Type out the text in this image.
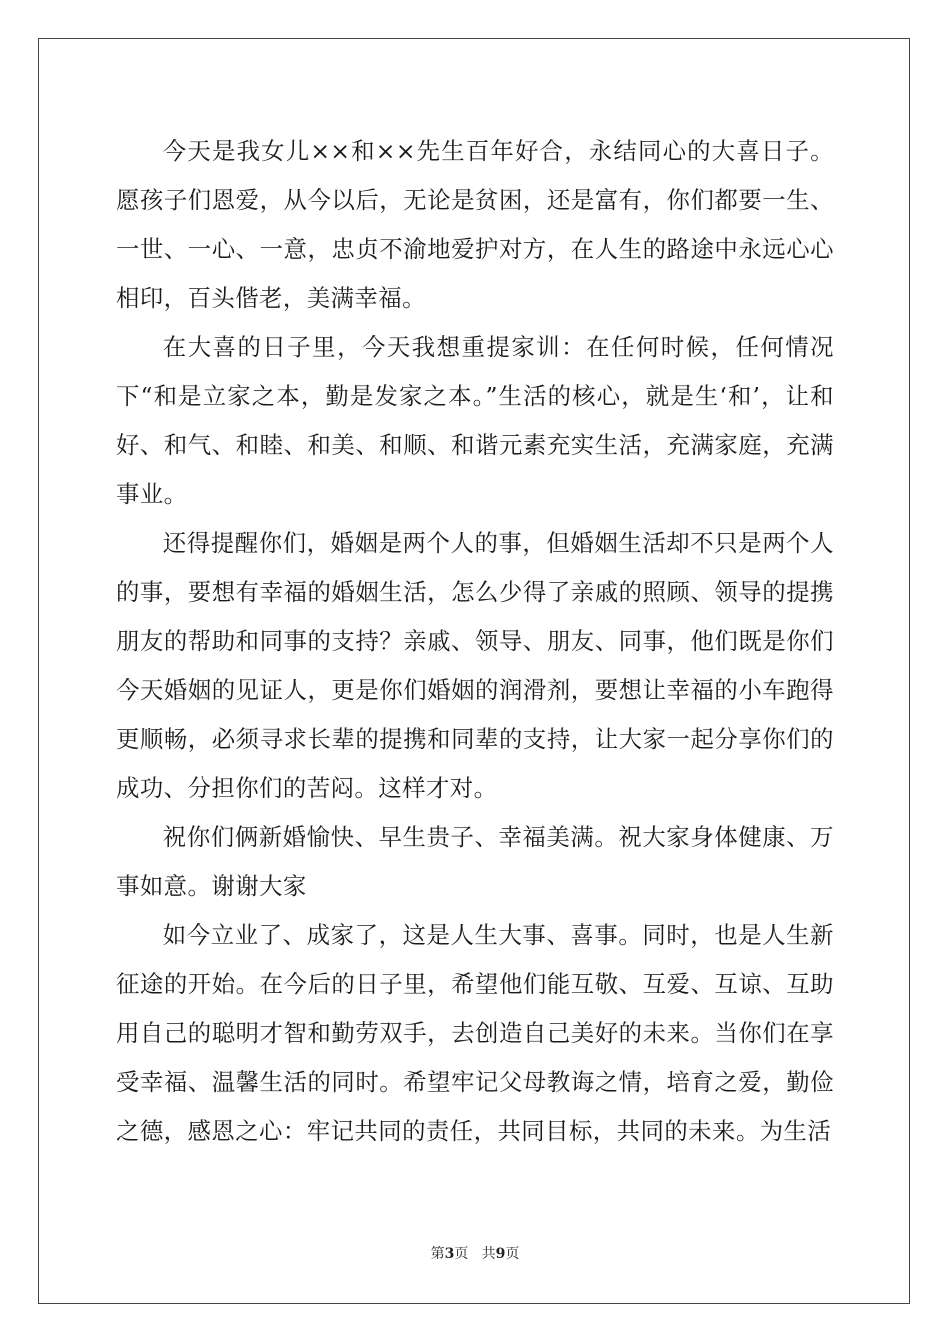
今天是我女儿××和××先生百年好合，永结同心的大喜日子。愿孩子们恩爱，从今以后，无论是贫困，还是富有，你们都要一生、一世、一心、一意，忠贞不渝地爱护对方，在人生的路途中永远心心相印，百头偕老，美满幸福。

在大喜的日子里，今天我想重提家训：在任何时候，任何情况下“和是立家之本，勤是发家之本。”生活的核心，就是生‘和’，让和好、和气、和睦、和美、和顺、和谐元素充实生活，充满家庭，充满事业。

还得提醒你们，婚姻是两个人的事，但婚姻生活却不只是两个人的事，要想有幸福的婚姻生活，怎么少得了亲戚的照顾、领导的提携朋友的帮助和同事的支持？亲戚、领导、朋友、同事，他们既是你们今天婚姻的见证人，更是你们婚姻的润滑剂，要想让幸福的小车跑得更顺畅，必须寻求长辈的提携和同辈的支持，让大家一起分享你们的成功、分担你们的苦闷。这样才对。

祝你们俩新婚愉快、早生贵子、幸福美满。祝大家身体健康、万事如意。谢谢大家

如今立业了、成家了，这是人生大事、喜事。同时，也是人生新征途的开始。在今后的日子里，希望他们能互敬、互爱、互谅、互助用自己的聪明才智和勤劳双手，去创造自己美好的未来。当你们在享受幸福、温馨生活的同时。希望牢记父母教诲之情，培育之爱，勤俭之德，感恩之心：牢记共同的责任，共同目标，共同的未来。为生活

第3页 共9页
